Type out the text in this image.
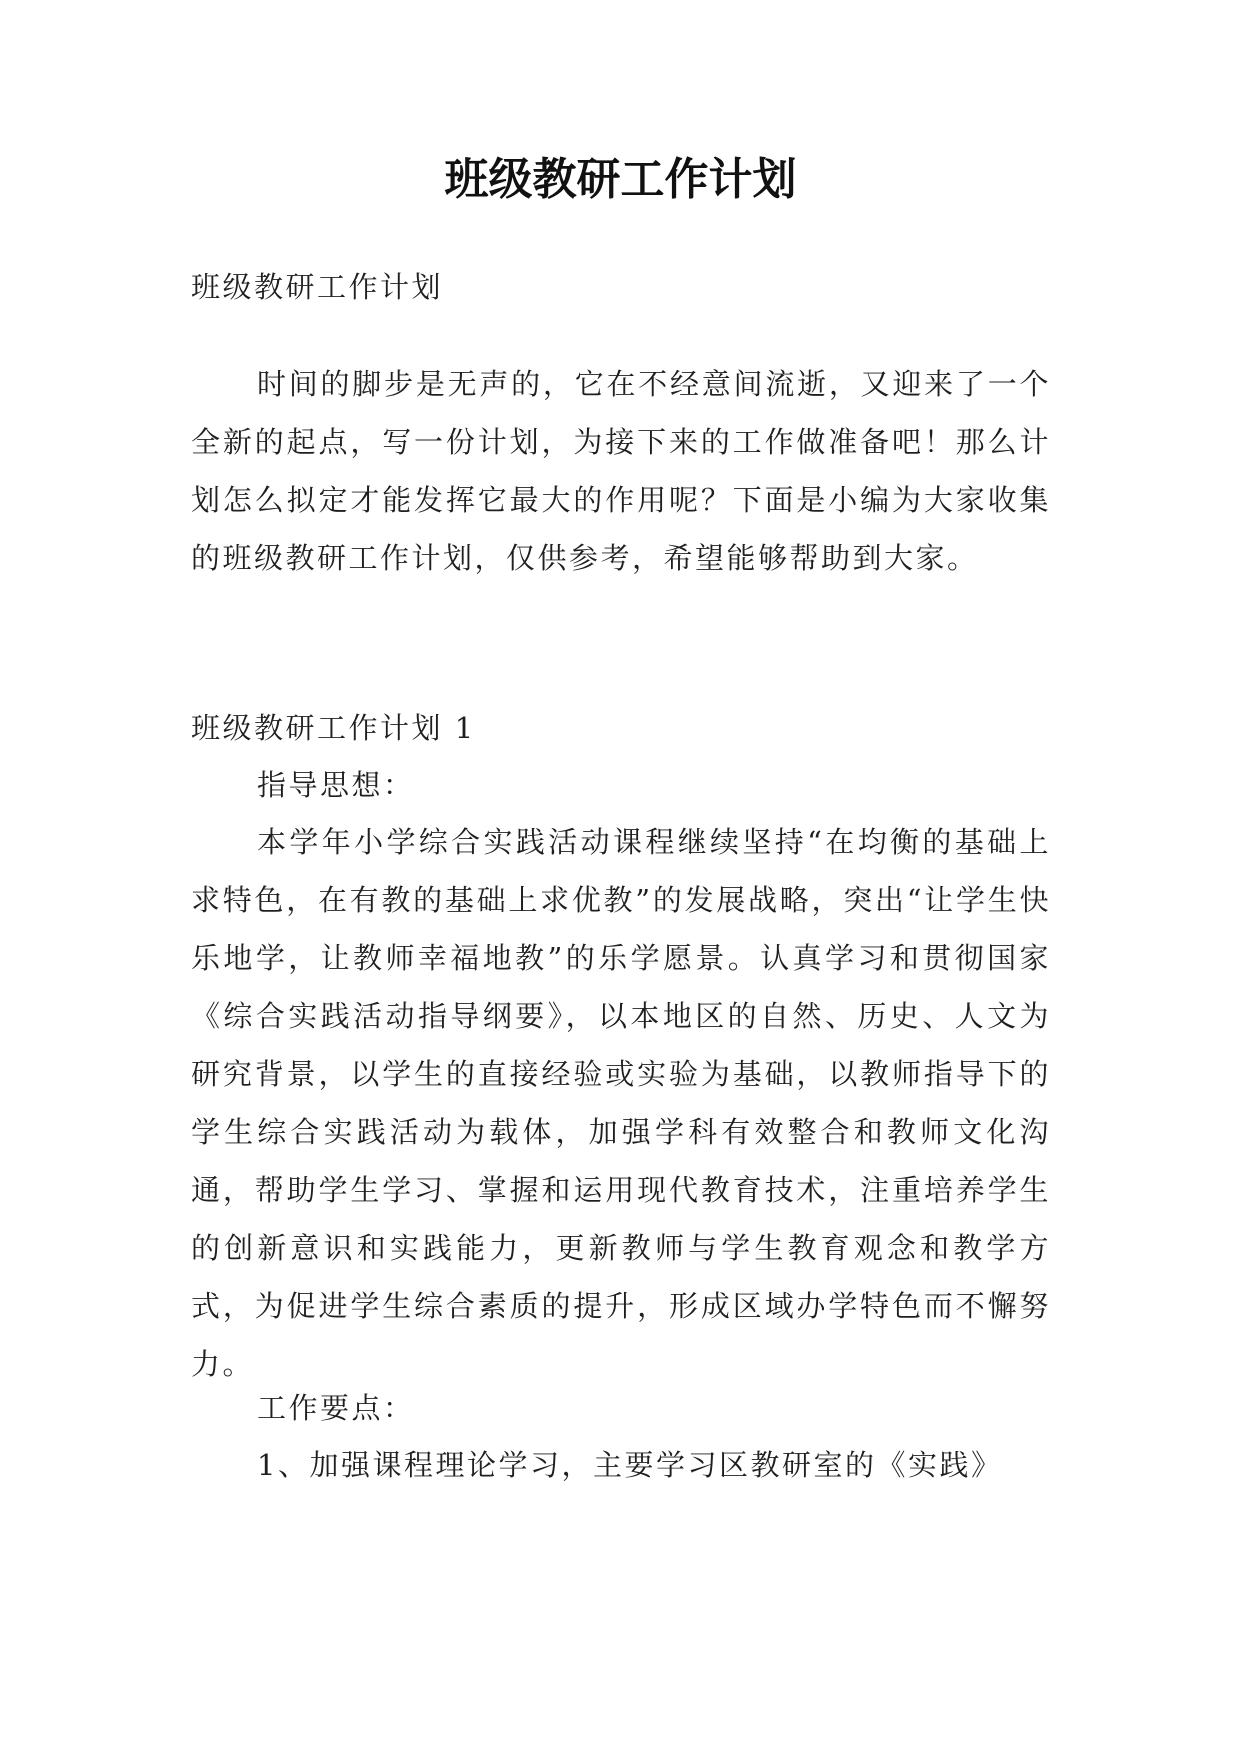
班级教研工作计划

班级教研工作计划

时间的脚步是无声的，它在不经意间流逝，又迎来了一个全新的起点，写一份计划，为接下来的工作做准备吧！那么计划怎么拟定才能发挥它最大的作用呢？下面是小编为大家收集的班级教研工作计划，仅供参考，希望能够帮助到大家。

班级教研工作计划 1

指导思想：

本学年小学综合实践活动课程继续坚持“在均衡的基础上求特色，在有教的基础上求优教”的发展战略，突出“让学生快乐地学，让教师幸福地教”的乐学愿景。认真学习和贯彻国家《综合实践活动指导纲要》，以本地区的自然、历史、人文为研究背景，以学生的直接经验或实验为基础，以教师指导下的学生综合实践活动为载体，加强学科有效整合和教师文化沟通，帮助学生学习、掌握和运用现代教育技术，注重培养学生的创新意识和实践能力，更新教师与学生教育观念和教学方式，为促进学生综合素质的提升，形成区域办学特色而不懈努力。

工作要点：

1、加强课程理论学习，主要学习区教研室的《实践》
